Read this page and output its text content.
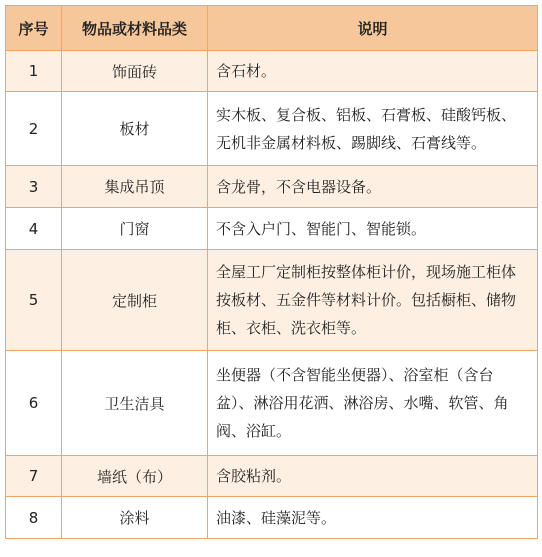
序号	物品或材料品类	说明
1	饰面砖	含石材。
2	板材	实木板、复合板、铝板、石膏板、硅酸钙板、无机非金属材料板、踢脚线、石膏线等。
3	集成吊顶	含龙骨，不含电器设备。
4	门窗	不含入户门、智能门、智能锁。
5	定制柜	全屋工厂定制柜按整体柜计价，现场施工柜体按板材、五金件等材料计价。包括橱柜、储物柜、衣柜、洗衣柜等。
6	卫生洁具	坐便器（不含智能坐便器）、浴室柜（含台盆）、淋浴用花洒、淋浴房、水嘴、软管、角阀、浴缸。
7	墙纸（布）	含胶粘剂。
8	涂料	油漆、硅藻泥等。
